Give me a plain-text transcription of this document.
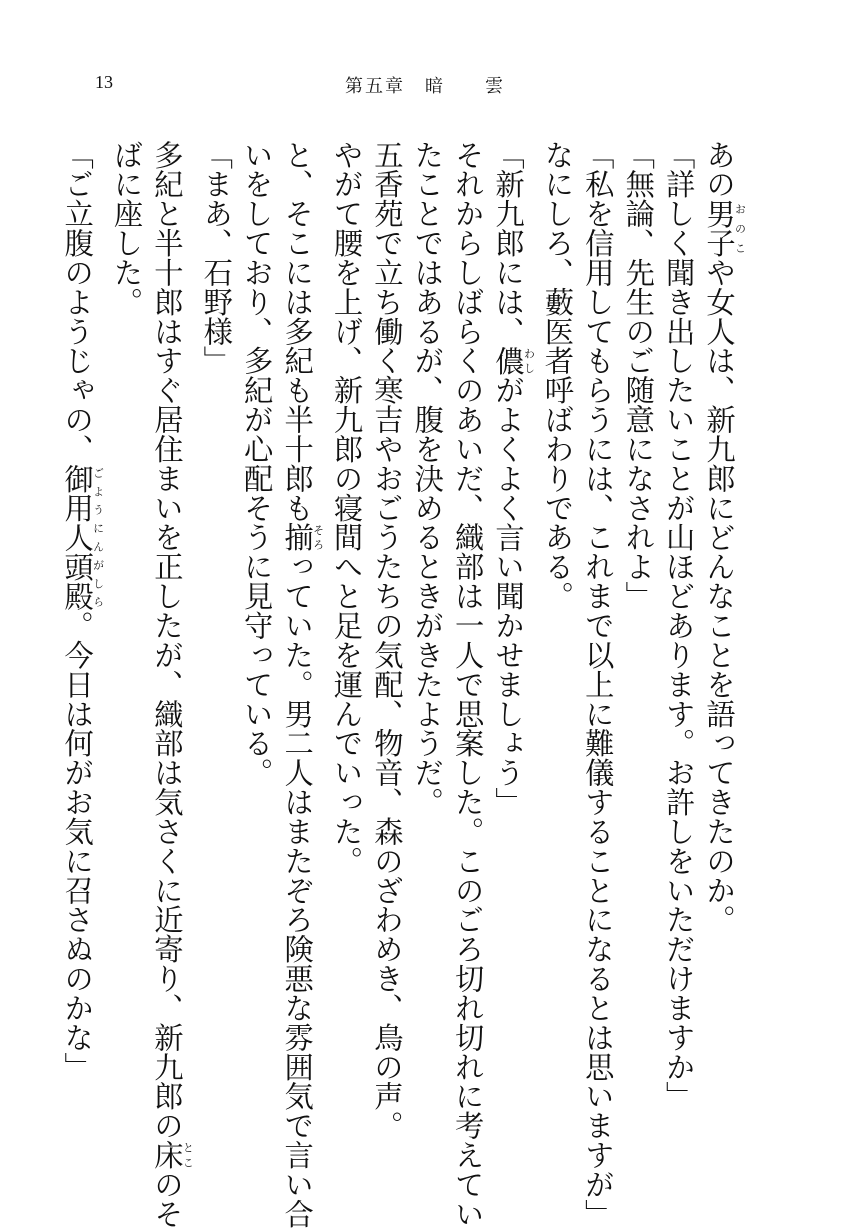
13	第五章　暗　　雲
あの男子おのこや女人は、新九郎にどんなことを語ってきたのか。
「詳しく聞き出したいことが山ほどあります。お許しをいただけますか」
「無論、先生のご随意になされよ」
「私を信用してもらうには、これまで以上に難儀することになるとは思いますが」
なにしろ、藪医者呼ばわりである。
「新九郎には、儂わしがよくよく言い聞かせましょう」
それからしばらくのあいだ、織部は一人で思案した。このごろ切れ切れに考えてい
たことではあるが、腹を決めるときがきたようだ。
五香苑で立ち働く寒吉やおごうたちの気配、物音、森のざわめき、鳥の声。
やがて腰を上げ、新九郎の寝間へと足を運んでいった。
と、そこには多紀も半十郎も揃そろっていた。男二人はまたぞろ険悪な雰囲気で言い合
いをしており、多紀が心配そうに見守っている。
「まあ、石野様」
多紀と半十郎はすぐ居住まいを正したが、織部は気さくに近寄り、新九郎の床とこのそ
ばに座した。
「ご立腹のようじゃの、御用人頭殿ごようにんがしら。今日は何がお気に召さぬのかな」
